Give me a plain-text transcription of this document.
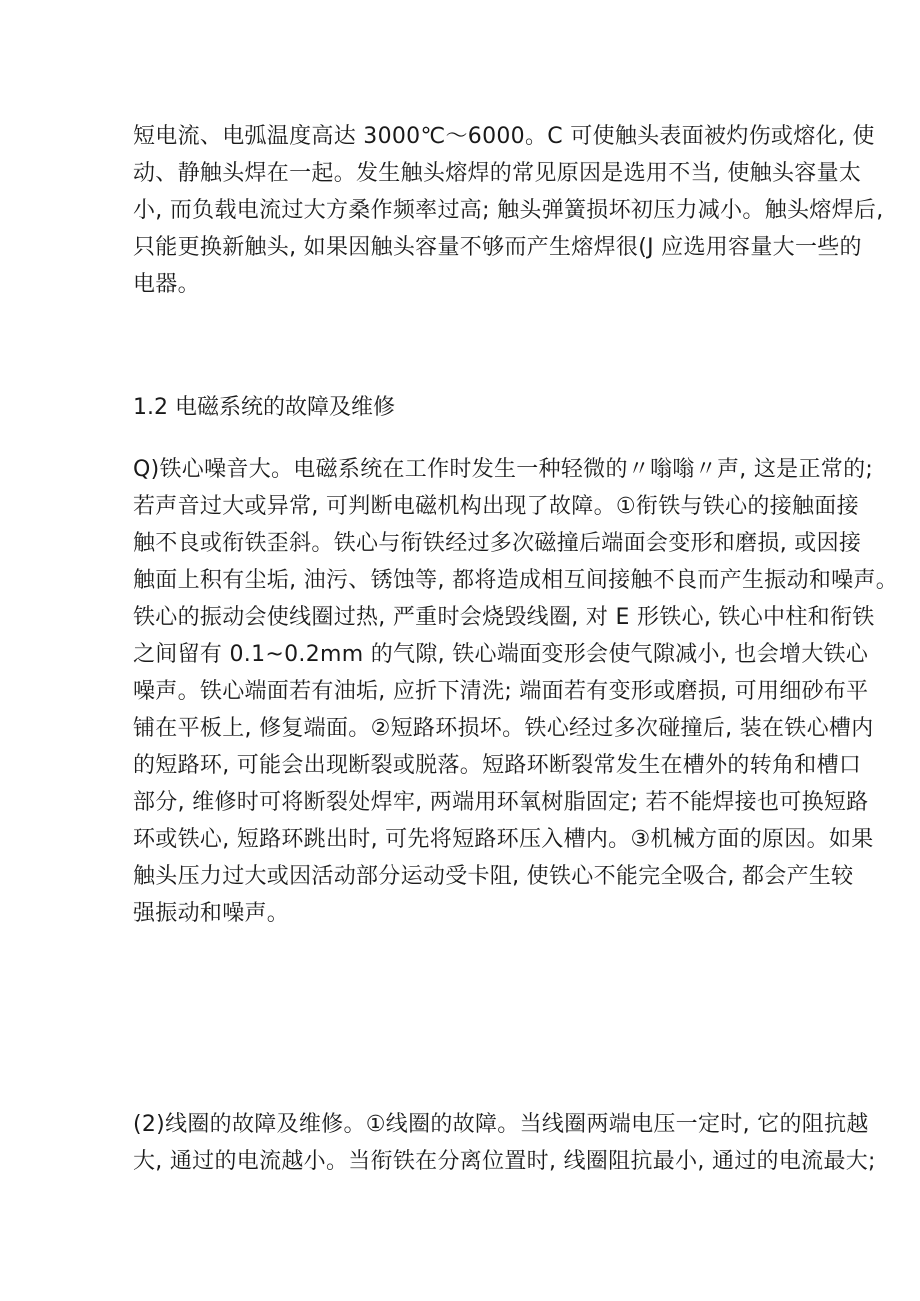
短电流、电弧温度高达 3000℃～6000。C 可使触头表面被灼伤或熔化, 使
动、静触头焊在一起。发生触头熔焊的常见原因是选用不当, 使触头容量太
小, 而负载电流过大方桑作频率过高; 触头弹簧损坏初压力减小。触头熔焊后,
只能更换新触头, 如果因触头容量不够而产生熔焊很(J 应选用容量大一些的
电器。
1.2 电磁系统的故障及维修
Q)铁心噪音大。电磁系统在工作时发生一种轻微的〃嗡嗡〃声, 这是正常的;
若声音过大或异常, 可判断电磁机构出现了故障。①衔铁与铁心的接触面接
触不良或衔铁歪斜。铁心与衔铁经过多次磁撞后端面会变形和磨损, 或因接
触面上积有尘垢, 油污、锈蚀等, 都将造成相互间接触不良而产生振动和噪声。
铁心的振动会使线圈过热, 严重时会烧毁线圈, 对 E 形铁心, 铁心中柱和衔铁
之间留有 0.1~0.2mm 的气隙, 铁心端面变形会使气隙减小, 也会增大铁心
噪声。铁心端面若有油垢, 应折下清洗; 端面若有变形或磨损, 可用细砂布平
铺在平板上, 修复端面。②短路环损坏。铁心经过多次碰撞后, 装在铁心槽内
的短路环, 可能会出现断裂或脱落。短路环断裂常发生在槽外的转角和槽口
部分, 维修时可将断裂处焊牢, 两端用环氧树脂固定; 若不能焊接也可换短路
环或铁心, 短路环跳出时, 可先将短路环压入槽内。③机械方面的原因。如果
触头压力过大或因活动部分运动受卡阻, 使铁心不能完全吸合, 都会产生较
强振动和噪声。
(2)线圈的故障及维修。①线圈的故障。当线圈两端电压一定时, 它的阻抗越
大, 通过的电流越小。当衔铁在分离位置时, 线圈阻抗最小, 通过的电流最大;
